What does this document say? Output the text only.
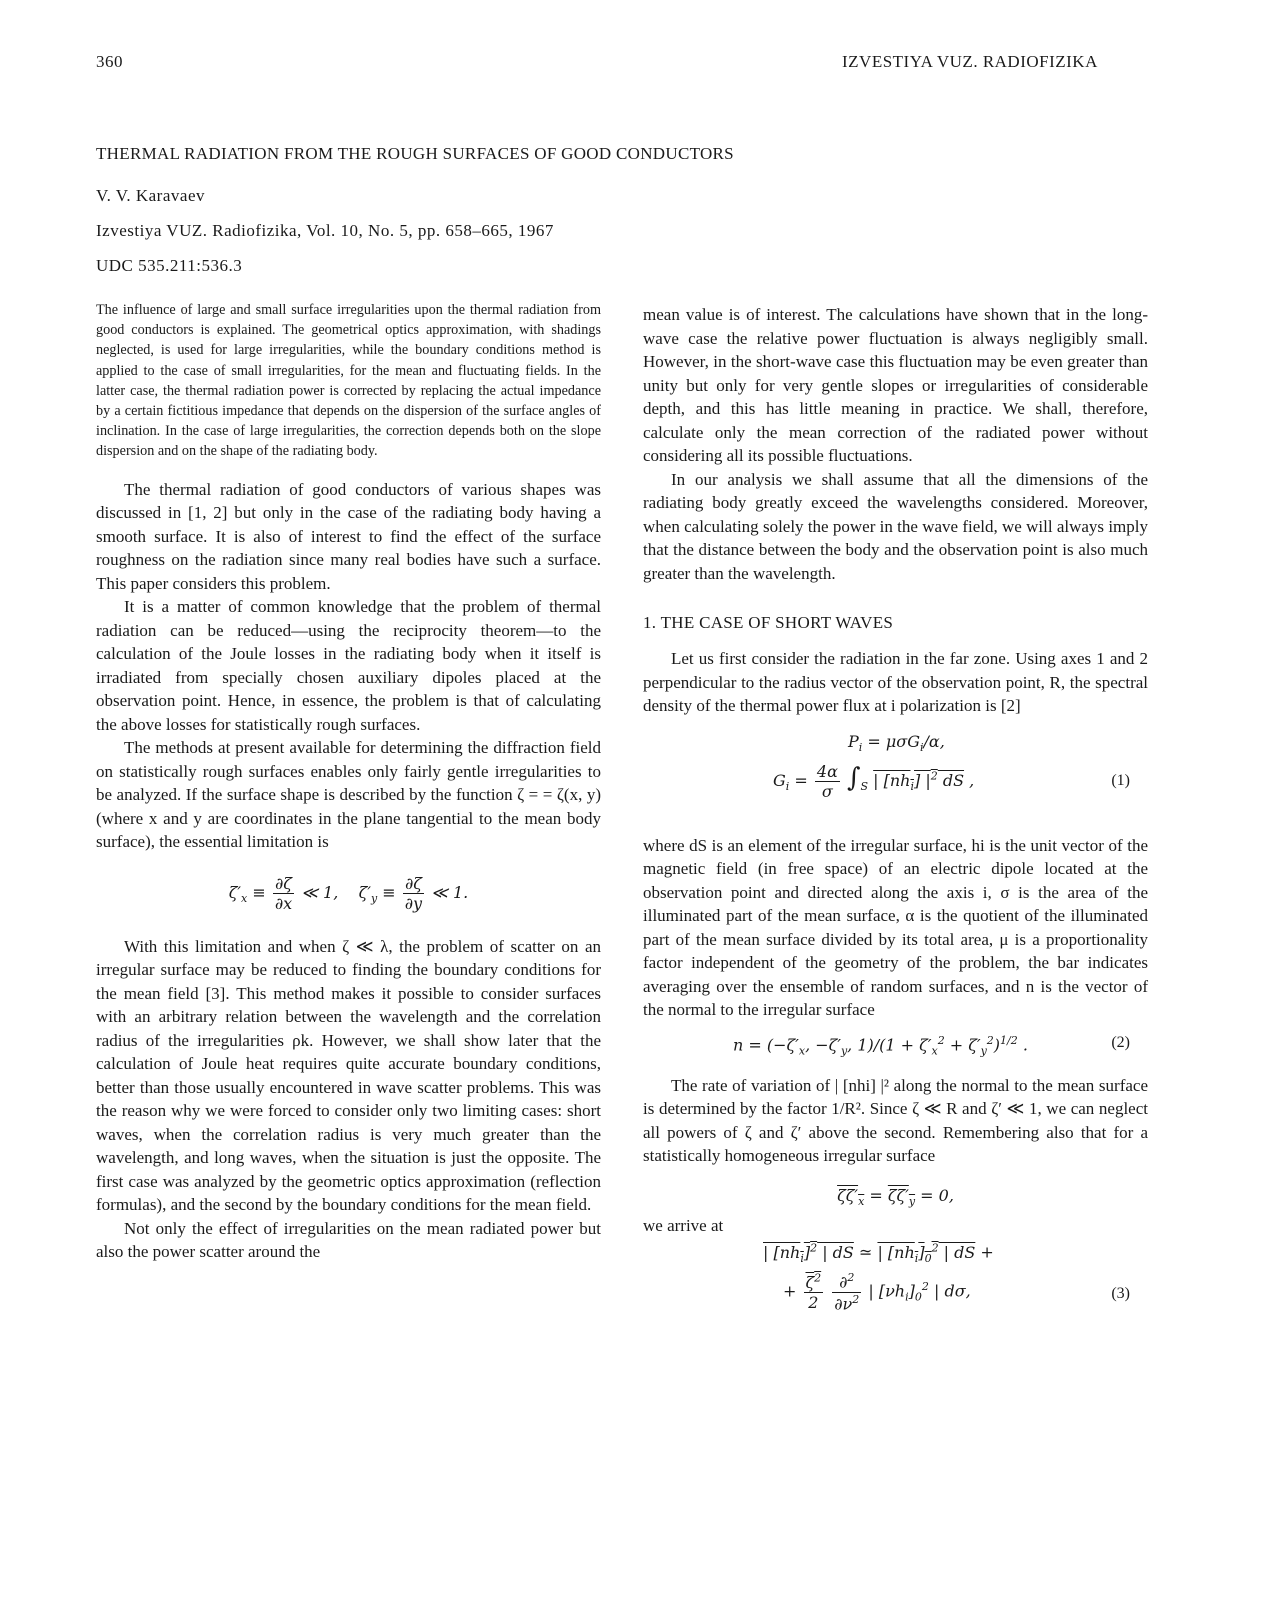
360	IZVESTIYA VUZ. RADIOFIZIKA
THERMAL RADIATION FROM THE ROUGH SURFACES OF GOOD CONDUCTORS
V. V. Karavaev
Izvestiya VUZ. Radiofizika, Vol. 10, No. 5, pp. 658–665, 1967
UDC 535.211:536.3
The influence of large and small surface irregularities upon the thermal radiation from good conductors is explained. The geometrical optics approximation, with shadings neglected, is used for large irregularities, while the boundary conditions method is applied to the case of small irregularities, for the mean and fluctuating fields. In the latter case, the thermal radiation power is corrected by replacing the actual impedance by a certain fictitious impedance that depends on the dispersion of the surface angles of inclination. In the case of large irregularities, the correction depends both on the slope dispersion and on the shape of the radiating body.

The thermal radiation of good conductors of various shapes was discussed in [1, 2] but only in the case of the radiating body having a smooth surface. It is also of interest to find the effect of the surface roughness on the radiation since many real bodies have such a surface. This paper considers this problem.

It is a matter of common knowledge that the problem of thermal radiation can be reduced—using the reciprocity theorem—to the calculation of the Joule losses in the radiating body when it itself is irradiated from specially chosen auxiliary dipoles placed at the observation point. Hence, in essence, the problem is that of calculating the above losses for statistically rough surfaces.

The methods at present available for determining the diffraction field on statistically rough surfaces enables only fairly gentle irregularities to be analyzed. If the surface shape is described by the function ζ = = ζ(x, y) (where x and y are coordinates in the plane tangential to the mean body surface), the essential limitation is

$\zeta'_x \equiv \frac{\partial\zeta}{\partial x}$ ≪ 1,    $\zeta'_y \equiv \frac{\partial\zeta}{\partial y}$ ≪ 1.

With this limitation and when ζ ≪ λ, the problem of scatter on an irregular surface may be reduced to finding the boundary conditions for the mean field [3]. This method makes it possible to consider surfaces with an arbitrary relation between the wavelength and the correlation radius of the irregularities ρk. However, we shall show later that the calculation of Joule heat requires quite accurate boundary conditions, better than those usually encountered in wave scatter problems. This was the reason why we were forced to consider only two limiting cases: short waves, when the correlation radius is very much greater than the wavelength, and long waves, when the situation is just the opposite. The first case was analyzed by the geometric optics approximation (reflection formulas), and the second by the boundary conditions for the mean field.

Not only the effect of irregularities on the mean radiated power but also the power scatter around the

mean value is of interest. The calculations have shown that in the long-wave case the relative power fluctuation is always negligibly small. However, in the short-wave case this fluctuation may be even greater than unity but only for very gentle slopes or irregularities of considerable depth, and this has little meaning in practice. We shall, therefore, calculate only the mean correction of the radiated power without considering all its possible fluctuations.

In our analysis we shall assume that all the dimensions of the radiating body greatly exceed the wavelengths considered. Moreover, when calculating solely the power in the wave field, we will always imply that the distance between the body and the observation point is also much greater than the wavelength.

1. THE CASE OF SHORT WAVES

Let us first consider the radiation in the far zone. Using axes 1 and 2 perpendicular to the radius vector of the observation point, R, the spectral density of the thermal power flux at i polarization is [2]

$P_i = \mu\sigma G_i/\alpha$,
$G_i = \frac{4\alpha}{\sigma} \int_S$ | $[nh_i]$ $|^2$ dS ,	(1)

where dS is an element of the irregular surface, hi is the unit vector of the magnetic field (in free space) of an electric dipole located at the observation point and directed along the axis i, σ is the area of the illuminated part of the mean surface, α is the quotient of the illuminated part of the mean surface divided by its total area, μ is a proportionality factor independent of the geometry of the problem, the bar indicates averaging over the ensemble of random surfaces, and n is the vector of the normal to the irregular surface

$n = (-\zeta'_x$, $-\zeta'_y$, $1)/(1 + \zeta'_x^2 + \zeta'_y^2)^{1/2}$ .	(2)

The rate of variation of | [nhi] |² along the normal to the mean surface is determined by the factor 1/R². Since ζ ≪ R and ζ′ ≪ 1, we can neglect all powers of ζ and ζ′ above the second. Remembering also that for a statistically homogeneous irregular surface

$\zeta\zeta'_x = \zeta\zeta'_y = 0$,

we arrive at

| $[nh_i]^2$ | dS ≃ | $[nh_i]_0^2$ | dS +
+ $\frac{\zeta^2}{2}$
$\frac{\partial^2}{\partial\nu^2}$ | $[\nu h_i]_0^2$ | dσ,	(3)
